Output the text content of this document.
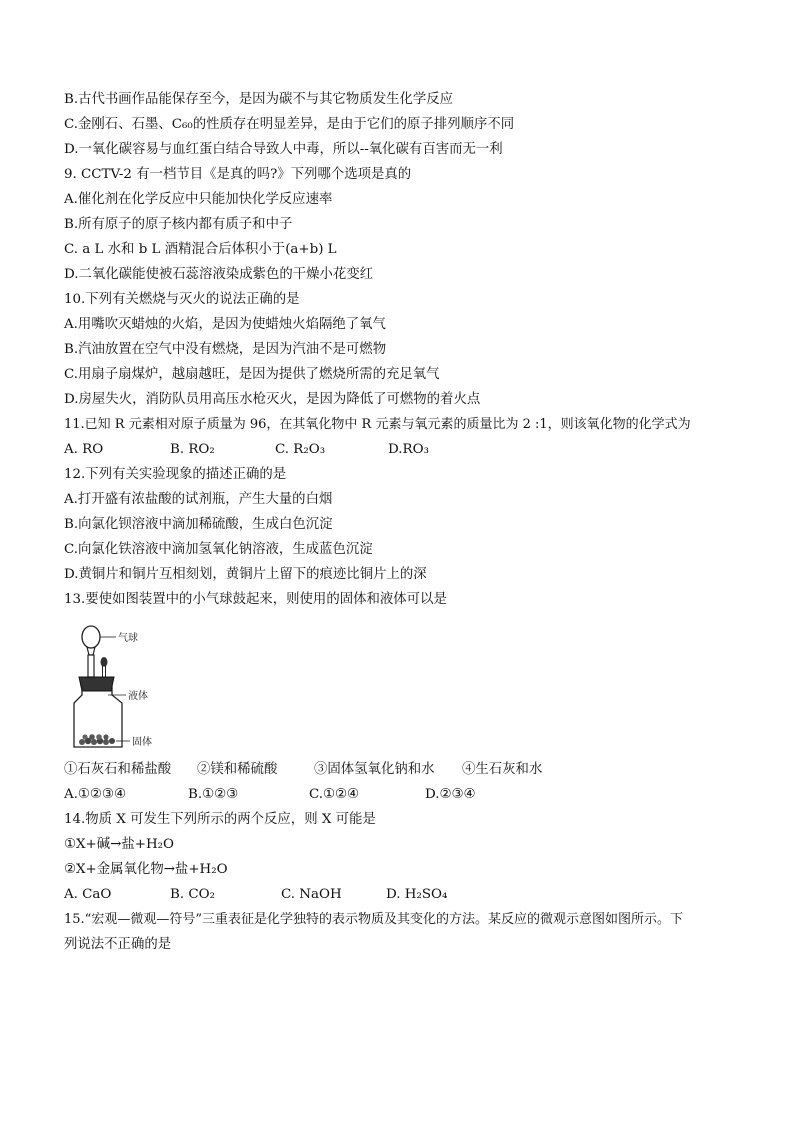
B.古代书画作品能保存至今，是因为碳不与其它物质发生化学反应
C.金刚石、石墨、C₆₀的性质存在明显差异，是由于它们的原子排列顺序不同
D.一氧化碳容易与血红蛋白结合导致人中毒，所以--氧化碳有百害而无一利
9. CCTV-2 有一档节目《是真的吗?》下列哪个选项是真的
A.催化剂在化学反应中只能加快化学反应速率
B.所有原子的原子核内都有质子和中子
C. a L 水和 b L 酒精混合后体积小于(a+b) L
D.二氧化碳能使被石蕊溶液染成紫色的干燥小花变红
10.下列有关燃烧与灭火的说法正确的是
A.用嘴吹灭蜡烛的火焰，是因为使蜡烛火焰隔绝了氧气
B.汽油放置在空气中没有燃烧，是因为汽油不是可燃物
C.用扇子扇煤炉，越扇越旺，是因为提供了燃烧所需的充足氧气
D.房屋失火，消防队员用高压水枪灭火，是因为降低了可燃物的着火点
11.已知 R 元素相对原子质量为 96，在其氧化物中 R 元素与氧元素的质量比为 2 :1，则该氧化物的化学式为

A. RO

	B. RO₂

	C. R₂O₃

	D.RO₃

12.下列有关实验现象的描述正确的是
A.打开盛有浓盐酸的试剂瓶，产生大量的白烟
B.向氯化钡溶液中滴加稀硫酸，生成白色沉淀
C.向氯化铁溶液中滴加氢氧化钠溶液，生成蓝色沉淀
D.黄铜片和铜片互相刻划，黄铜片上留下的痕迹比铜片上的深
13.要使如图装置中的小气球鼓起来，则使用的固体和液体可以是
气球
液体
固体

①石灰石和稀盐酸

②镁和稀硫酸

	③固体氢氧化钠和水

④生石灰和水

A.①②③④

	B.①②③

	C.①②④

	D.②③④

14.物质 X 可发生下列所示的两个反应，则 X 可能是
①X+碱→盐+H₂O
②X+金属氧化物→盐+H₂O

A. CaO

	B. CO₂

	C. NaOH

	D. H₂SO₄

15.“宏观—微观—符号”三重表征是化学独特的表示物质及其变化的方法。某反应的微观示意图如图所示。下
列说法不正确的是
